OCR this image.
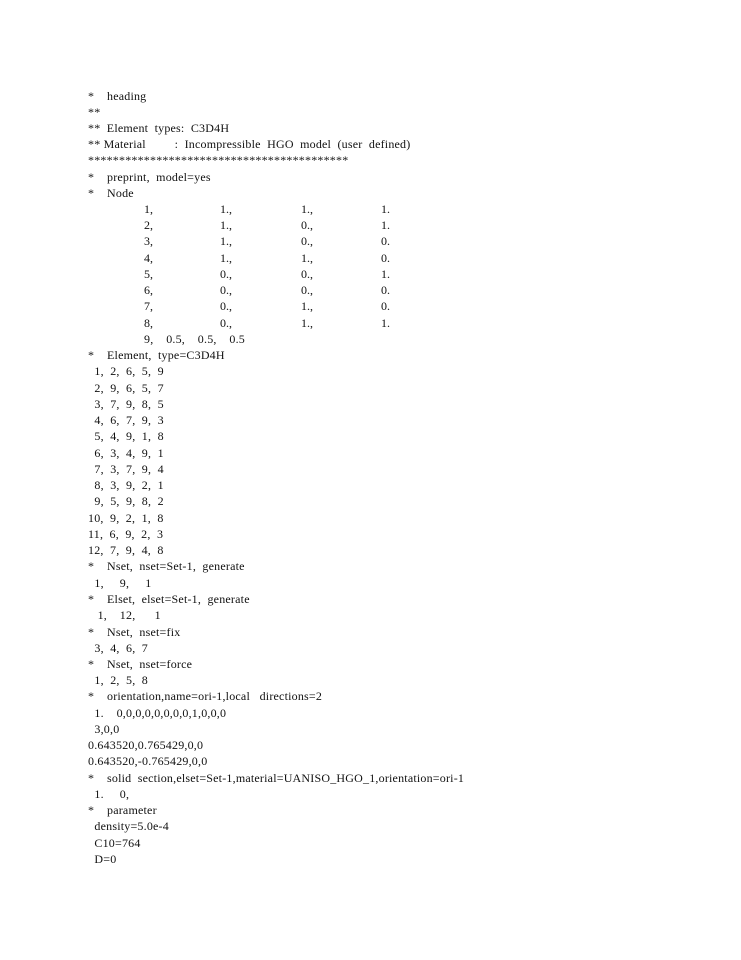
*    heading
**
**  Element  types:  C3D4H
** Material         :  Incompressible  HGO  model  (user  defined)
******************************************
*    preprint,  model=yes
*    Node
1,	1.,	1.,	1.
2,	1.,	0.,	1.
3,	1.,	0.,	0.
4,	1.,	1.,	0.
5,	0.,	0.,	1.
6,	0.,	0.,	0.
7,	0.,	1.,	0.
8,	0.,	1.,	1.
9,    0.5,    0.5,    0.5
*    Element,  type=C3D4H
1,  2,  6,  5,  9
2,  9,  6,  5,  7
3,  7,  9,  8,  5
4,  6,  7,  9,  3
5,  4,  9,  1,  8
6,  3,  4,  9,  1
7,  3,  7,  9,  4
8,  3,  9,  2,  1
9,  5,  9,  8,  2
10,  9,  2,  1,  8
11,  6,  9,  2,  3
12,  7,  9,  4,  8
*    Nset,  nset=Set-1,  generate
1,     9,     1
*    Elset,  elset=Set-1,  generate
1,    12,      1
*    Nset,  nset=fix
3,  4,  6,  7
*    Nset,  nset=force
1,  2,  5,  8
*    orientation,name=ori-1,local   directions=2
1.    0,0,0,0,0,0,0,0,1,0,0,0
3,0,0
0.643520,0.765429,0,0
0.643520,-0.765429,0,0
*    solid  section,elset=Set-1,material=UANISO_HGO_1,orientation=ori-1
1.     0,
*    parameter
density=5.0e-4
C10=764
D=0
